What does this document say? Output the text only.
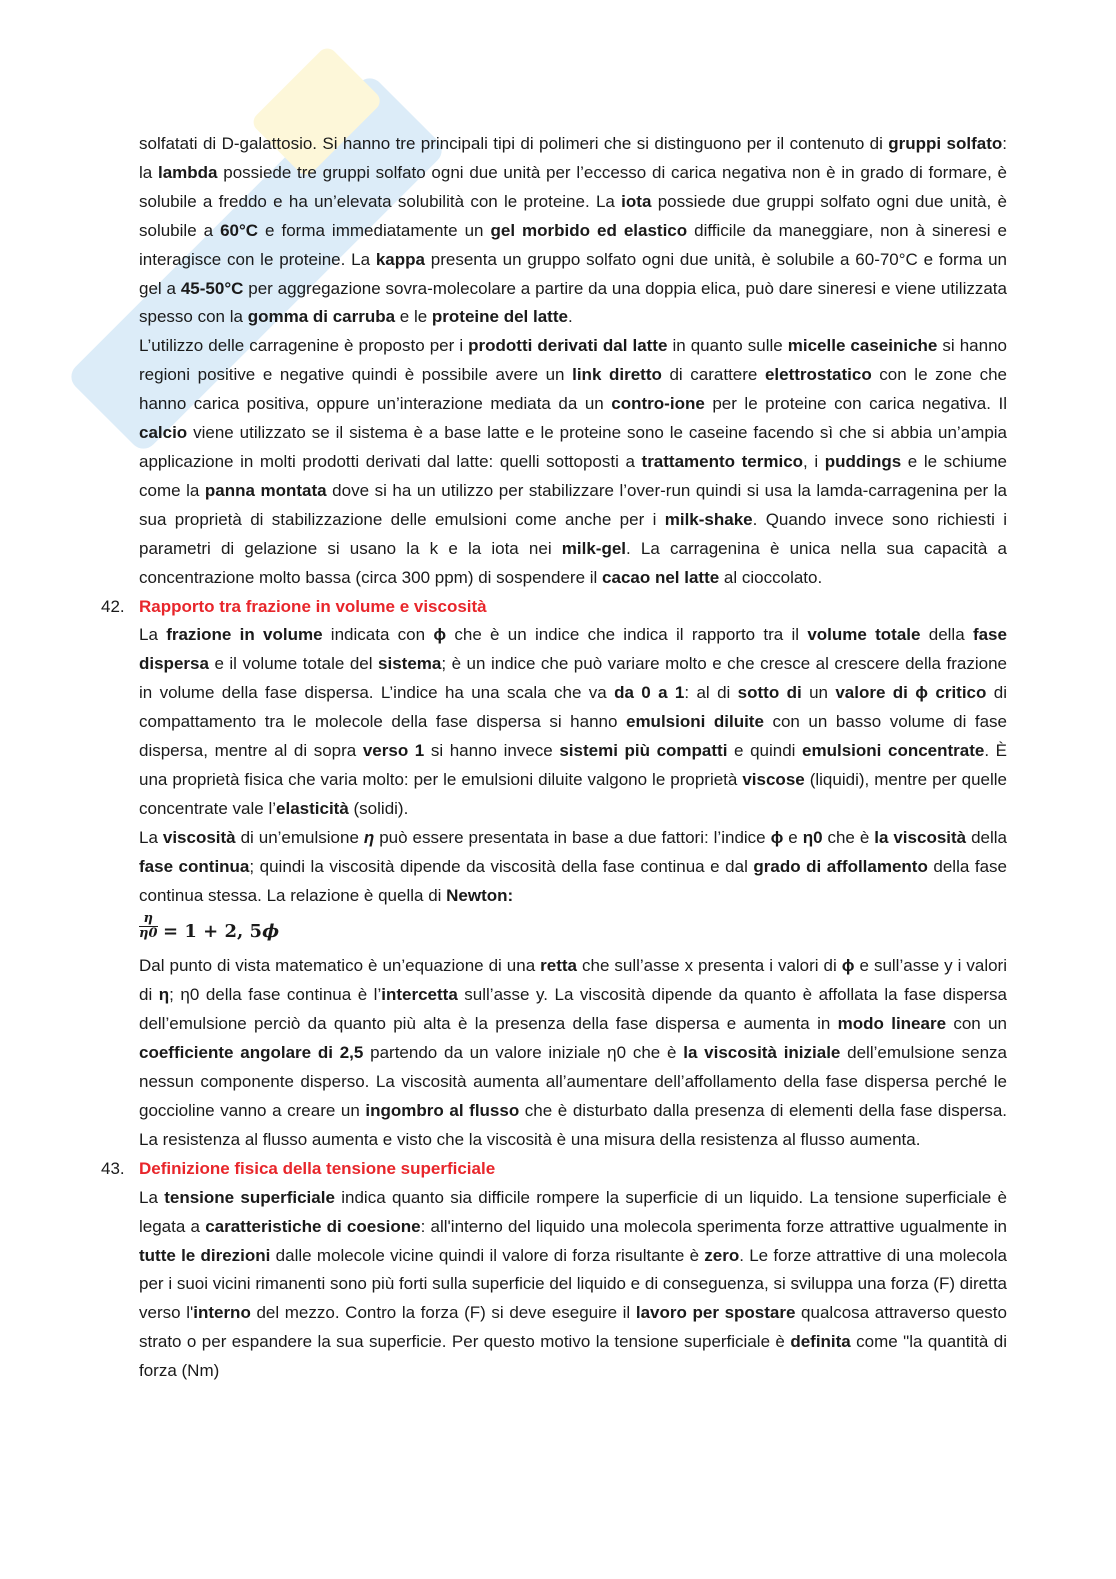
solfatati di D-galattosio. Si hanno tre principali tipi di polimeri che si distinguono per il contenuto di gruppi solfato: la lambda possiede tre gruppi solfato ogni due unità per l’eccesso di carica negativa non è in grado di formare, è solubile a freddo e ha un’elevata solubilità con le proteine. La iota possiede due gruppi solfato ogni due unità, è solubile a 60°C e forma immediatamente un gel morbido ed elastico difficile da maneggiare, non à sineresi e interagisce con le proteine. La kappa presenta un gruppo solfato ogni due unità, è solubile a 60-70°C e forma un gel a 45-50°C per aggregazione sovra-molecolare a partire da una doppia elica, può dare sineresi e viene utilizzata spesso con la gomma di carruba e le proteine del latte.

L’utilizzo delle carragenine è proposto per i prodotti derivati dal latte in quanto sulle micelle caseiniche si hanno regioni positive e negative quindi è possibile avere un link diretto di carattere elettrostatico con le zone che hanno carica positiva, oppure un’interazione mediata da un contro-ione per le proteine con carica negativa. Il calcio viene utilizzato se il sistema è a base latte e le proteine sono le caseine facendo sì che si abbia un’ampia applicazione in molti prodotti derivati dal latte: quelli sottoposti a trattamento termico, i puddings e le schiume come la panna montata dove si ha un utilizzo per stabilizzare l’over-run quindi si usa la lamda-carragenina per la sua proprietà di stabilizzazione delle emulsioni come anche per i milk-shake. Quando invece sono richiesti i parametri di gelazione si usano la k e la iota nei milk-gel. La carragenina è unica nella sua capacità a concentrazione molto bassa (circa 300 ppm) di sospendere il cacao nel latte al cioccolato.

42. Rapporto tra frazione in volume e viscosità

La frazione in volume indicata con ϕ che è un indice che indica il rapporto tra il volume totale della fase dispersa e il volume totale del sistema; è un indice che può variare molto e che cresce al crescere della frazione in volume della fase dispersa. L’indice ha una scala che va da 0 a 1: al di sotto di un valore di ϕ critico di compattamento tra le molecole della fase dispersa si hanno emulsioni diluite con un basso volume di fase dispersa, mentre al di sopra verso 1 si hanno invece sistemi più compatti e quindi emulsioni concentrate. È una proprietà fisica che varia molto: per le emulsioni diluite valgono le proprietà viscose (liquidi), mentre per quelle concentrate vale l’elasticità (solidi).

La viscosità di un’emulsione η può essere presentata in base a due fattori: l’indice ϕ e η0 che è la viscosità della fase continua; quindi la viscosità dipende da viscosità della fase continua e dal grado di affollamento della fase continua stessa. La relazione è quella di Newton:

$\frac{\eta}{\eta 0} = 1 + 2$, 5ϕ

Dal punto di vista matematico è un’equazione di una retta che sull’asse x presenta i valori di ϕ e sull’asse y i valori di η; η0 della fase continua è l’intercetta sull’asse y. La viscosità dipende da quanto è affollata la fase dispersa dell’emulsione perciò da quanto più alta è la presenza della fase dispersa e aumenta in modo lineare con un coefficiente angolare di 2,5 partendo da un valore iniziale η0 che è la viscosità iniziale dell’emulsione senza nessun componente disperso. La viscosità aumenta all’aumentare dell’affollamento della fase dispersa perché le goccioline vanno a creare un ingombro al flusso che è disturbato dalla presenza di elementi della fase dispersa. La resistenza al flusso aumenta e visto che la viscosità è una misura della resistenza al flusso aumenta.

43. Definizione fisica della tensione superficiale

La tensione superficiale indica quanto sia difficile rompere la superficie di un liquido. La tensione superficiale è legata a caratteristiche di coesione: all'interno del liquido una molecola sperimenta forze attrattive ugualmente in tutte le direzioni dalle molecole vicine quindi il valore di forza risultante è zero. Le forze attrattive di una molecola per i suoi vicini rimanenti sono più forti sulla superficie del liquido e di conseguenza, si sviluppa una forza (F) diretta verso l'interno del mezzo. Contro la forza (F) si deve eseguire il lavoro per spostare qualcosa attraverso questo strato o per espandere la sua superficie. Per questo motivo la tensione superficiale è definita come "la quantità di forza (Nm)
